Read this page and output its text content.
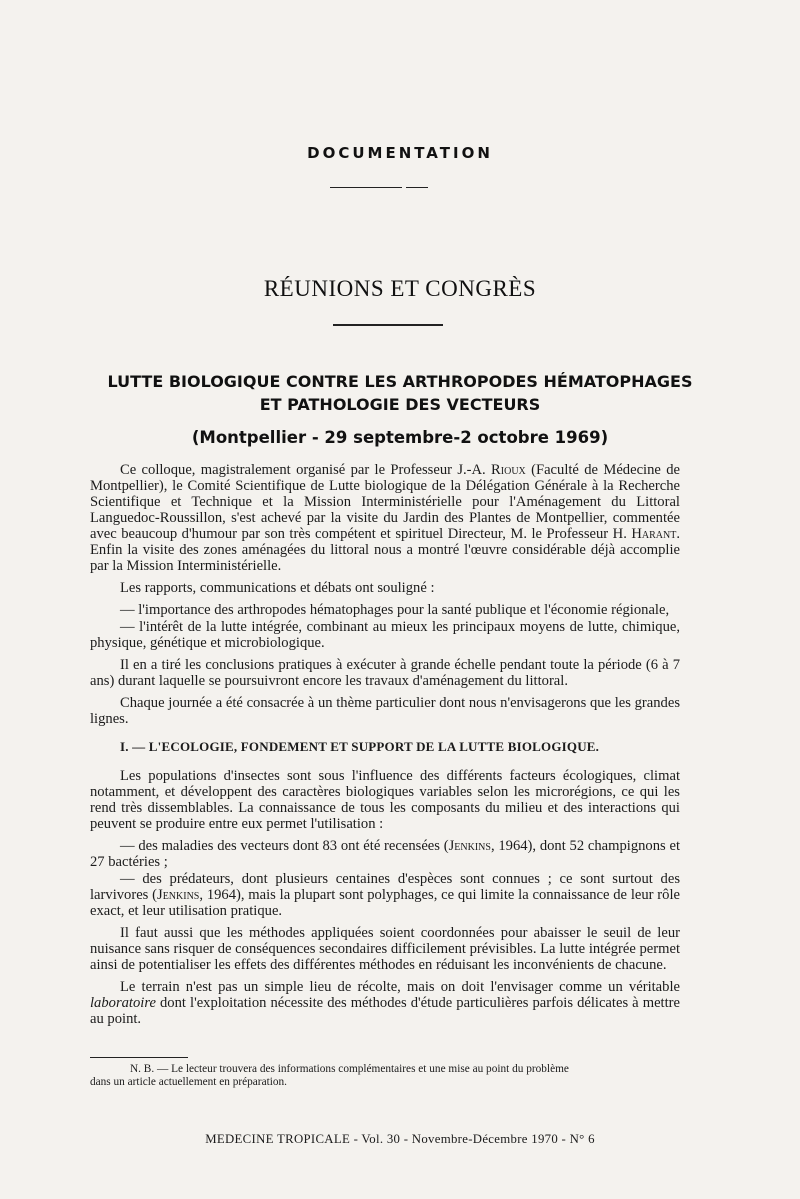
DOCUMENTATION
RÉUNIONS ET CONGRÈS
LUTTE BIOLOGIQUE CONTRE LES ARTHROPODES HÉMATOPHAGES
ET PATHOLOGIE DES VECTEURS
(Montpellier - 29 septembre-2 octobre 1969)

Ce colloque, magistralement organisé par le Professeur J.-A. Rioux (Faculté de Médecine de Montpellier), le Comité Scientifique de Lutte biologique de la Délégation Générale à la Recherche Scientifique et Technique et la Mission Interministérielle pour l'Aménagement du Littoral Languedoc-Roussillon, s'est achevé par la visite du Jardin des Plantes de Montpellier, commentée avec beaucoup d'humour par son très compétent et spirituel Directeur, M. le Professeur H. Harant. Enfin la visite des zones aménagées du littoral nous a montré l'œuvre considérable déjà accomplie par la Mission Interministérielle.

Les rapports, communications et débats ont souligné :

— l'importance des arthropodes hématophages pour la santé publique et l'économie régionale,

— l'intérêt de la lutte intégrée, combinant au mieux les principaux moyens de lutte, chimique, physique, génétique et microbiologique.

Il en a tiré les conclusions pratiques à exécuter à grande échelle pendant toute la période (6 à 7 ans) durant laquelle se poursuivront encore les travaux d'aménagement du littoral.

Chaque journée a été consacrée à un thème particulier dont nous n'envisagerons que les grandes lignes.

I. — L'ECOLOGIE, FONDEMENT ET SUPPORT DE LA LUTTE BIOLOGIQUE.

Les populations d'insectes sont sous l'influence des différents facteurs écologiques, climat notamment, et développent des caractères biologiques variables selon les microrégions, ce qui les rend très dissemblables. La connaissance de tous les composants du milieu et des interactions qui peuvent se produire entre eux permet l'utilisation :

— des maladies des vecteurs dont 83 ont été recensées (Jenkins, 1964), dont 52 champignons et 27 bactéries ;

— des prédateurs, dont plusieurs centaines d'espèces sont connues ; ce sont surtout des larvivores (Jenkins, 1964), mais la plupart sont polyphages, ce qui limite la connaissance de leur rôle exact, et leur utilisation pratique.

Il faut aussi que les méthodes appliquées soient coordonnées pour abaisser le seuil de leur nuisance sans risquer de conséquences secondaires difficilement prévisibles. La lutte intégrée permet ainsi de potentialiser les effets des différentes méthodes en réduisant les inconvénients de chacune.

Le terrain n'est pas un simple lieu de récolte, mais on doit l'envisager comme un véritable laboratoire dont l'exploitation nécessite des méthodes d'étude particulières parfois délicates à mettre au point.

N. B. — Le lecteur trouvera des informations complémentaires et une mise au point du problème
dans un article actuellement en préparation.
MEDECINE TROPICALE - Vol. 30 - Novembre-Décembre 1970 - N° 6
